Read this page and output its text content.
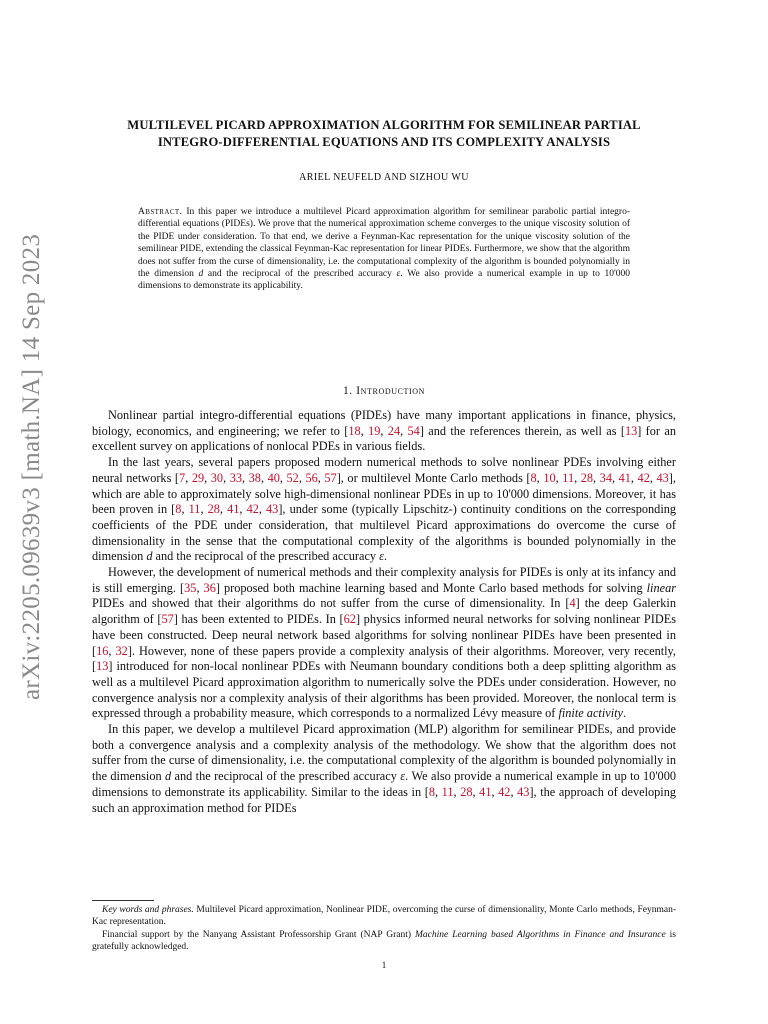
arXiv:2205.09639v3 [math.NA] 14 Sep 2023
MULTILEVEL PICARD APPROXIMATION ALGORITHM FOR SEMILINEAR PARTIAL
INTEGRO-DIFFERENTIAL EQUATIONS AND ITS COMPLEXITY ANALYSIS
ARIEL NEUFELD AND SIZHOU WU
Abstract. In this paper we introduce a multilevel Picard approximation algorithm for semilinear parabolic partial integro-differential equations (PIDEs). We prove that the numerical approximation scheme converges to the unique viscosity solution of the PIDE under consideration. To that end, we derive a Feynman-Kac representation for the unique viscosity solution of the semilinear PIDE, extending the classical Feynman-Kac representation for linear PIDEs. Furthermore, we show that the algorithm does not suffer from the curse of dimensionality, i.e. the computational complexity of the algorithm is bounded polynomially in the dimension d and the reciprocal of the prescribed accuracy ε. We also provide a numerical example in up to 10'000 dimensions to demonstrate its applicability.
1. Introduction

Nonlinear partial integro-differential equations (PIDEs) have many important applications in finance, physics, biology, economics, and engineering; we refer to [18, 19, 24, 54] and the references therein, as well as [13] for an excellent survey on applications of nonlocal PDEs in various fields.

In the last years, several papers proposed modern numerical methods to solve nonlinear PDEs involving either neural networks [7, 29, 30, 33, 38, 40, 52, 56, 57], or multilevel Monte Carlo methods [8, 10, 11, 28, 34, 41, 42, 43], which are able to approximately solve high-dimensional nonlinear PDEs in up to 10'000 dimensions. Moreover, it has been proven in [8, 11, 28, 41, 42, 43], under some (typically Lipschitz-) continuity conditions on the corresponding coefficients of the PDE under consideration, that multilevel Picard approximations do overcome the curse of dimensionality in the sense that the computational complexity of the algorithms is bounded polynomially in the dimension d and the reciprocal of the prescribed accuracy ε.

However, the development of numerical methods and their complexity analysis for PIDEs is only at its infancy and is still emerging. [35, 36] proposed both machine learning based and Monte Carlo based methods for solving linear PIDEs and showed that their algorithms do not suffer from the curse of dimensionality. In [4] the deep Galerkin algorithm of [57] has been extented to PIDEs. In [62] physics informed neural networks for solving nonlinear PIDEs have been constructed. Deep neural network based algorithms for solving nonlinear PIDEs have been presented in [16, 32]. However, none of these papers provide a complexity analysis of their algorithms. Moreover, very recently, [13] introduced for non-local nonlinear PDEs with Neumann boundary conditions both a deep splitting algorithm as well as a multilevel Picard approximation algorithm to numerically solve the PDEs under consideration. However, no convergence analysis nor a complexity analysis of their algorithms has been provided. Moreover, the nonlocal term is expressed through a probability measure, which corresponds to a normalized Lévy measure of finite activity.

In this paper, we develop a multilevel Picard approximation (MLP) algorithm for semilinear PIDEs, and provide both a convergence analysis and a complexity analysis of the methodology. We show that the algorithm does not suffer from the curse of dimensionality, i.e. the computational complexity of the algorithm is bounded polynomially in the dimension d and the reciprocal of the prescribed accuracy ε. We also provide a numerical example in up to 10'000 dimensions to demonstrate its applicability. Similar to the ideas in [8, 11, 28, 41, 42, 43], the approach of developing such an approximation method for PIDEs

Key words and phrases. Multilevel Picard approximation, Nonlinear PIDE, overcoming the curse of dimensionality, Monte Carlo methods, Feynman-Kac representation.

Financial support by the Nanyang Assistant Professorship Grant (NAP Grant) Machine Learning based Algorithms in Finance and Insurance is gratefully acknowledged.

1
